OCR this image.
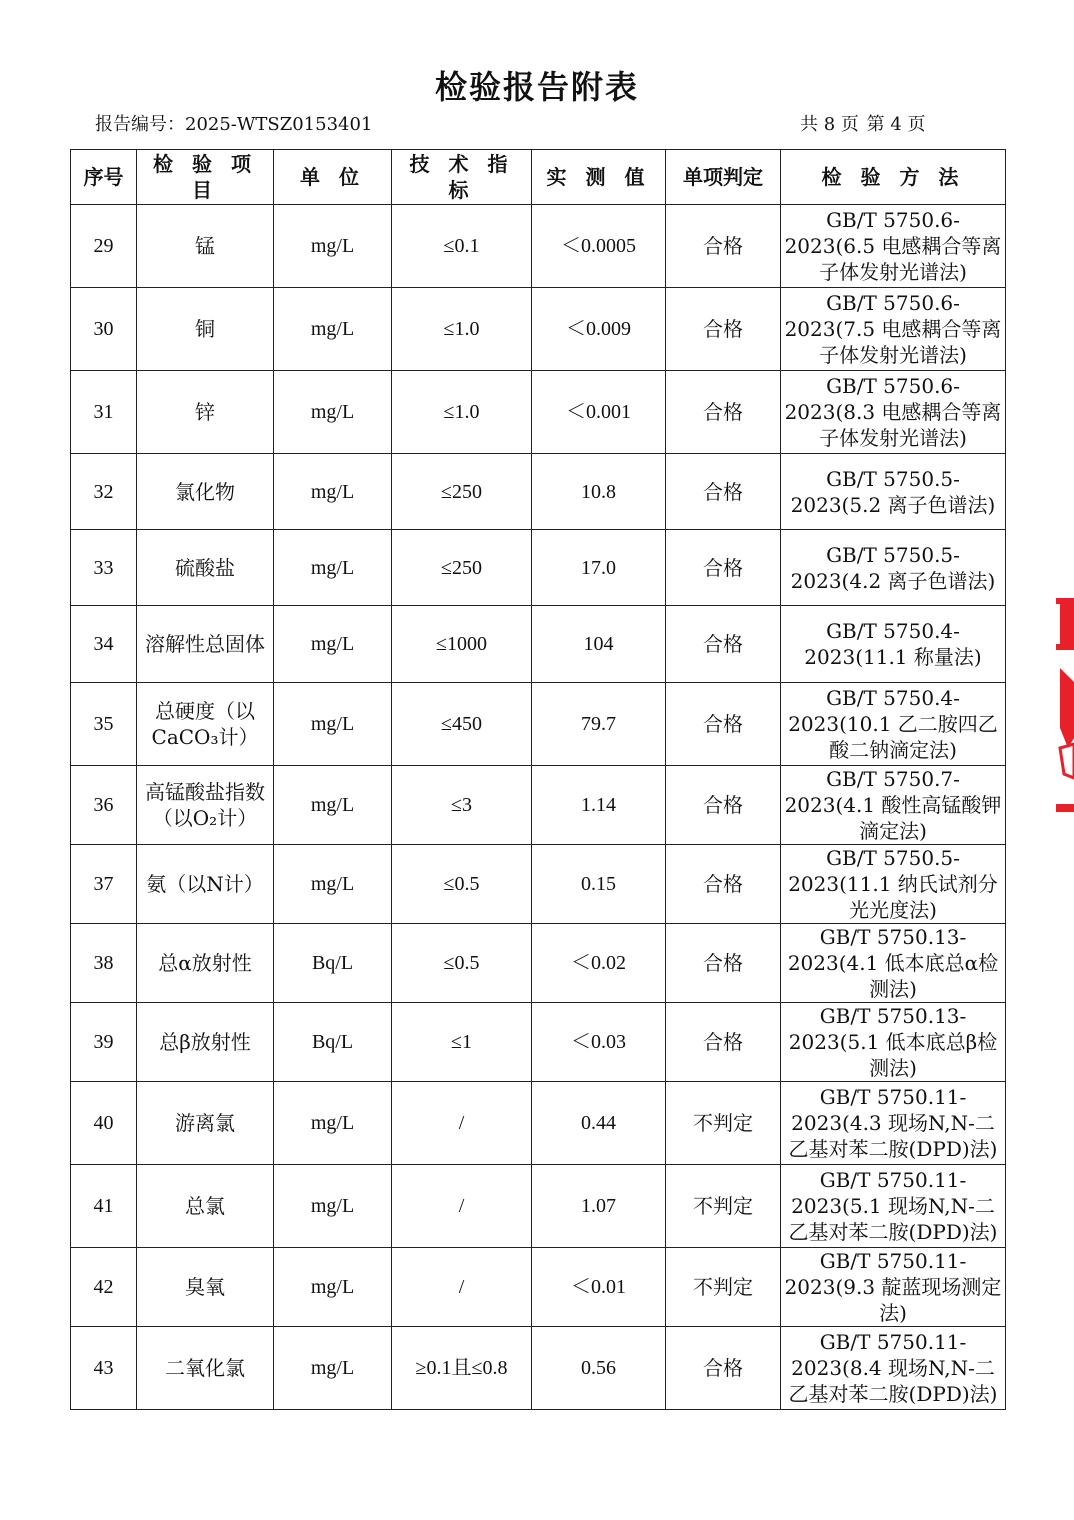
检验报告附表
报告编号：2025-WTSZ0153401	共 8 页 第 4 页
序号	检 验 项 目	单 位	技 术 指 标	实 测 值	单项判定	检 验 方 法
29	锰	mg/L	≤0.1	＜0.0005	合格	GB/T 5750.6-2023(6.5 电感耦合等离子体发射光谱法)
30	铜	mg/L	≤1.0	＜0.009	合格	GB/T 5750.6-2023(7.5 电感耦合等离子体发射光谱法)
31	锌	mg/L	≤1.0	＜0.001	合格	GB/T 5750.6-2023(8.3 电感耦合等离子体发射光谱法)
32	氯化物	mg/L	≤250	10.8	合格	GB/T 5750.5-2023(5.2 离子色谱法)
33	硫酸盐	mg/L	≤250	17.0	合格	GB/T 5750.5-2023(4.2 离子色谱法)
34	溶解性总固体	mg/L	≤1000	104	合格	GB/T 5750.4-2023(11.1 称量法)
35	总硬度（以CaCO₃计）	mg/L	≤450	79.7	合格	GB/T 5750.4-2023(10.1 乙二胺四乙酸二钠滴定法)
36	高锰酸盐指数（以O₂计）	mg/L	≤3	1.14	合格	GB/T 5750.7-2023(4.1 酸性高锰酸钾滴定法)
37	氨（以N计）	mg/L	≤0.5	0.15	合格	GB/T 5750.5-2023(11.1 纳氏试剂分光光度法)
38	总α放射性	Bq/L	≤0.5	＜0.02	合格	GB/T 5750.13-2023(4.1 低本底总α检测法)
39	总β放射性	Bq/L	≤1	＜0.03	合格	GB/T 5750.13-2023(5.1 低本底总β检测法)
40	游离氯	mg/L	/	0.44	不判定	GB/T 5750.11-2023(4.3 现场N,N-二乙基对苯二胺(DPD)法)
41	总氯	mg/L	/	1.07	不判定	GB/T 5750.11-2023(5.1 现场N,N-二乙基对苯二胺(DPD)法)
42	臭氧	mg/L	/	＜0.01	不判定	GB/T 5750.11-2023(9.3 靛蓝现场测定法)
43	二氧化氯	mg/L	≥0.1且≤0.8	0.56	合格	GB/T 5750.11-2023(8.4 现场N,N-二乙基对苯二胺(DPD)法)
